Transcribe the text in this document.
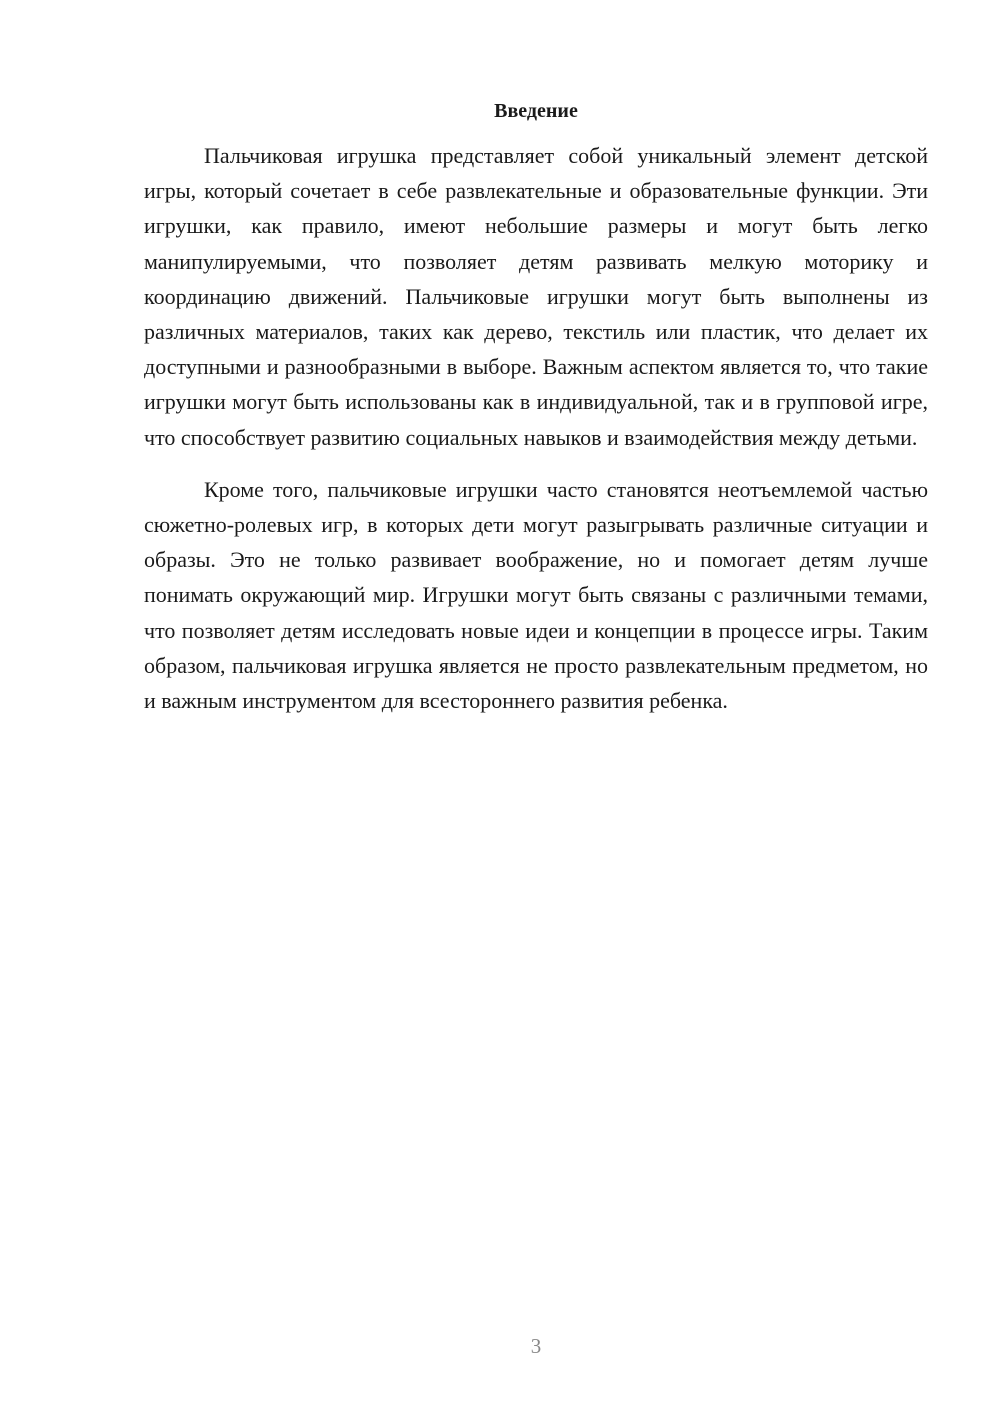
Введение

Пальчиковая игрушка представляет собой уникальный элемент детской игры, который сочетает в себе развлекательные и образовательные функции. Эти игрушки, как правило, имеют небольшие размеры и могут быть легко манипулируемыми, что позволяет детям развивать мелкую моторику и координацию движений. Пальчиковые игрушки могут быть выполнены из различных материалов, таких как дерево, текстиль или пластик, что делает их доступными и разнообразными в выборе. Важным аспектом является то, что такие игрушки могут быть использованы как в индивидуальной, так и в групповой игре, что способствует развитию социальных навыков и взаимодействия между детьми.

Кроме того, пальчиковые игрушки часто становятся неотъемлемой частью сюжетно-ролевых игр, в которых дети могут разыгрывать различные ситуации и образы. Это не только развивает воображение, но и помогает детям лучше понимать окружающий мир. Игрушки могут быть связаны с различными темами, что позволяет детям исследовать новые идеи и концепции в процессе игры. Таким образом, пальчиковая игрушка является не просто развлекательным предметом, но и важным инструментом для всестороннего развития ребенка.

3
